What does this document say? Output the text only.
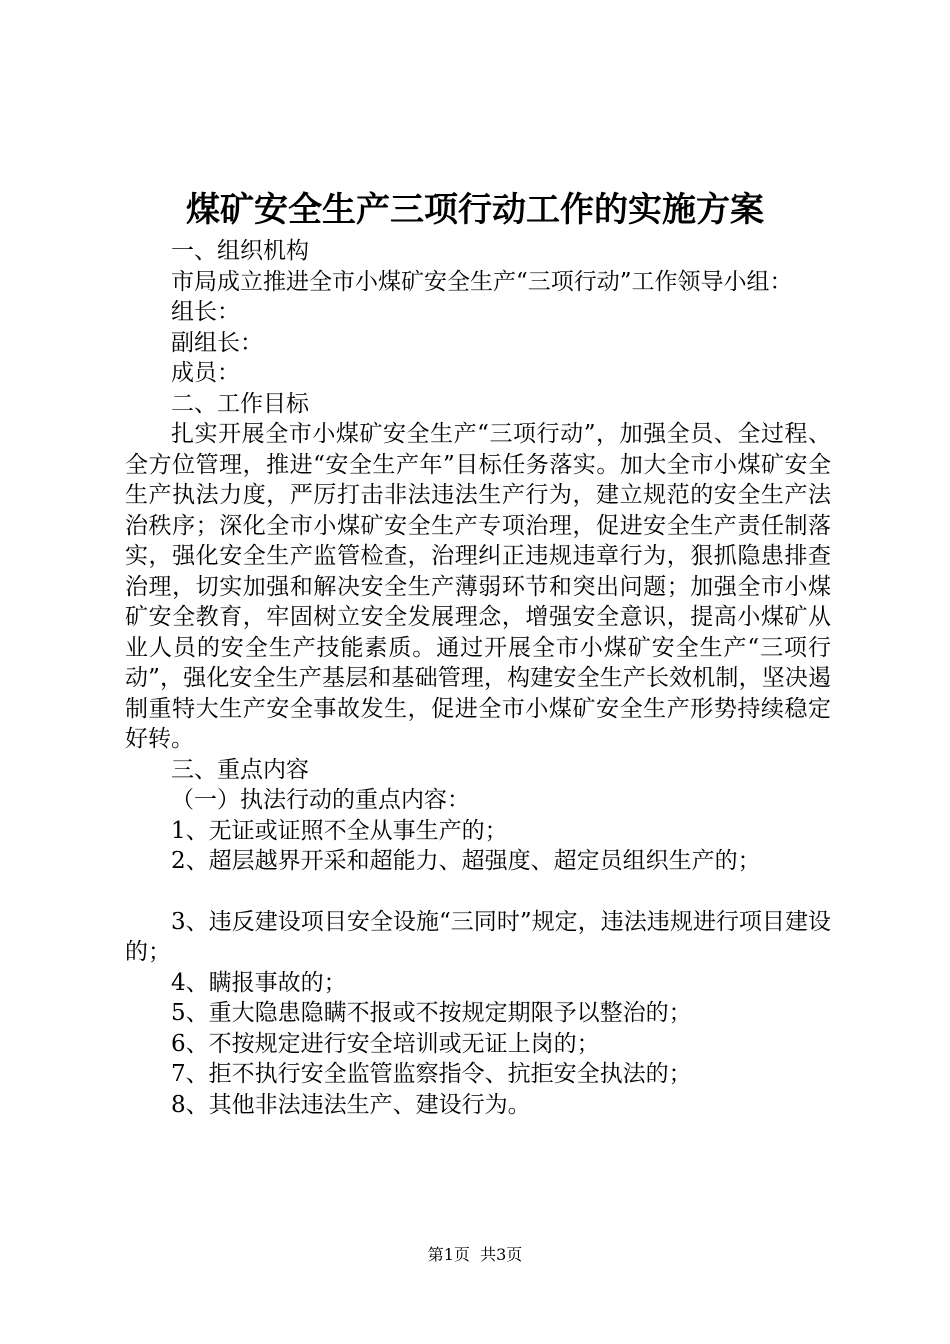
煤矿安全生产三项行动工作的实施方案

一、组织机构

市局成立推进全市小煤矿安全生产“三项行动”工作领导小组：

组长：

副组长：

成员：

二、工作目标

扎实开展全市小煤矿安全生产“三项行动”，加强全员、全过程、全方位管理，推进“安全生产年”目标任务落实。加大全市小煤矿安全生产执法力度，严厉打击非法违法生产行为，建立规范的安全生产法治秩序；深化全市小煤矿安全生产专项治理，促进安全生产责任制落实，强化安全生产监管检查，治理纠正违规违章行为，狠抓隐患排查治理，切实加强和解决安全生产薄弱环节和突出问题；加强全市小煤矿安全教育，牢固树立安全发展理念，增强安全意识，提高小煤矿从业人员的安全生产技能素质。通过开展全市小煤矿安全生产“三项行动”，强化安全生产基层和基础管理，构建安全生产长效机制，坚决遏制重特大生产安全事故发生，促进全市小煤矿安全生产形势持续稳定好转。

三、重点内容

（一）执法行动的重点内容：

1、无证或证照不全从事生产的；

2、超层越界开采和超能力、超强度、超定员组织生产的；

3、违反建设项目安全设施“三同时”规定，违法违规进行项目建设的；

4、瞒报事故的；

5、重大隐患隐瞒不报或不按规定期限予以整治的；

6、不按规定进行安全培训或无证上岗的；

7、拒不执行安全监管监察指令、抗拒安全执法的；

8、其他非法违法生产、建设行为。

第1页  共3页
